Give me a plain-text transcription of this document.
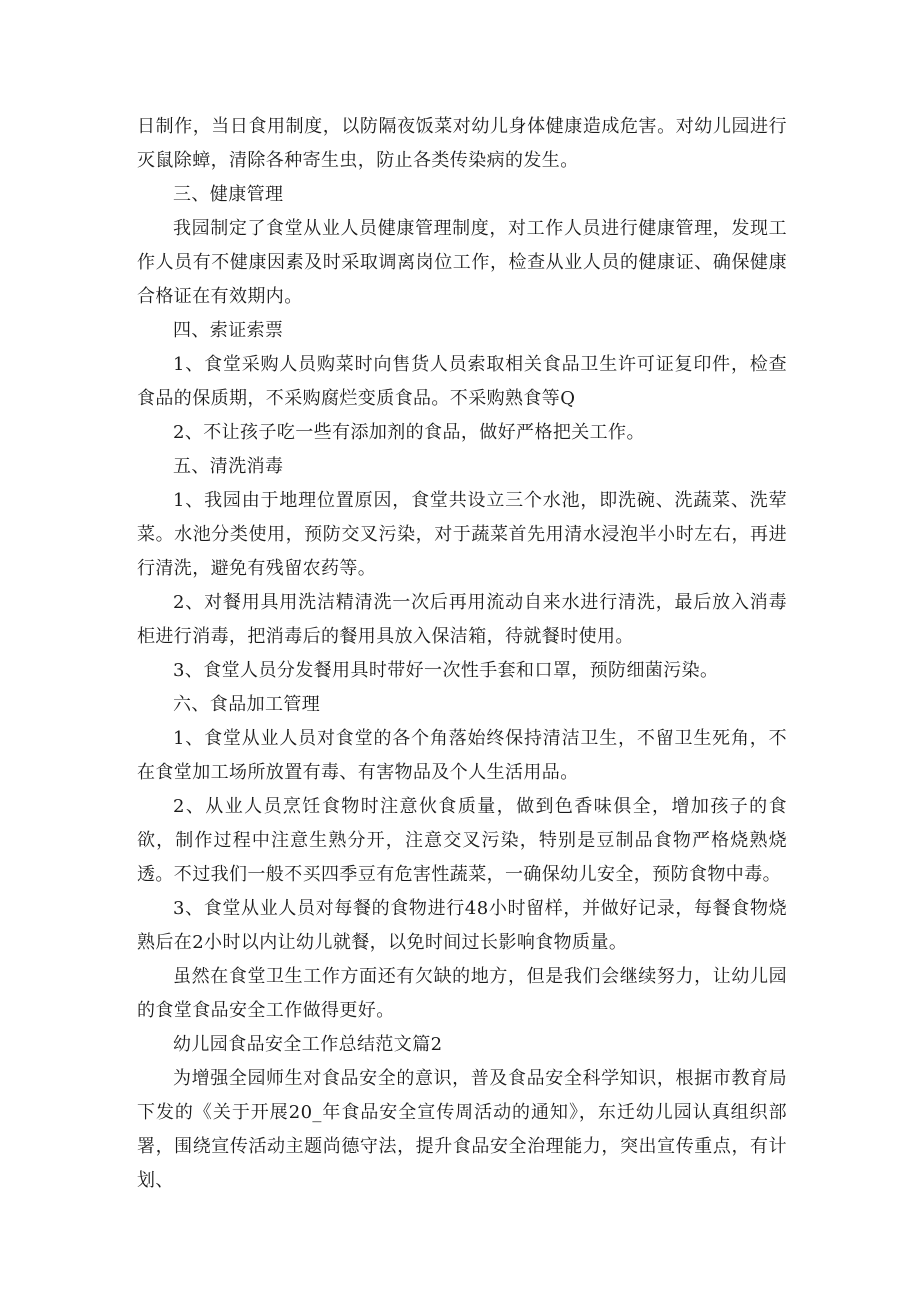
日制作，当日食用制度，以防隔夜饭菜对幼儿身体健康造成危害。对幼儿园进行灭鼠除蟑，清除各种寄生虫，防止各类传染病的发生。

三、健康管理

我园制定了食堂从业人员健康管理制度，对工作人员进行健康管理，发现工作人员有不健康因素及时采取调离岗位工作，检查从业人员的健康证、确保健康合格证在有效期内。

四、索证索票

1、食堂采购人员购菜时向售货人员索取相关食品卫生许可证复印件，检查食品的保质期，不采购腐烂变质食品。不采购熟食等Q

2、不让孩子吃一些有添加剂的食品，做好严格把关工作。

五、清洗消毒

1、我园由于地理位置原因，食堂共设立三个水池，即洗碗、洗蔬菜、洗荤菜。水池分类使用，预防交叉污染，对于蔬菜首先用清水浸泡半小时左右，再进行清洗，避免有残留农药等。

2、对餐用具用洗洁精清洗一次后再用流动自来水进行清洗，最后放入消毒柜进行消毒，把消毒后的餐用具放入保洁箱，待就餐时使用。

3、食堂人员分发餐用具时带好一次性手套和口罩，预防细菌污染。

六、食品加工管理

1、食堂从业人员对食堂的各个角落始终保持清洁卫生，不留卫生死角，不在食堂加工场所放置有毒、有害物品及个人生活用品。

2、从业人员烹饪食物时注意伙食质量，做到色香味俱全，增加孩子的食欲，制作过程中注意生熟分开，注意交叉污染，特别是豆制品食物严格烧熟烧透。不过我们一般不买四季豆有危害性蔬菜，一确保幼儿安全，预防食物中毒。

3、食堂从业人员对每餐的食物进行48小时留样，并做好记录，每餐食物烧熟后在2小时以内让幼儿就餐，以免时间过长影响食物质量。

虽然在食堂卫生工作方面还有欠缺的地方，但是我们会继续努力，让幼儿园的食堂食品安全工作做得更好。

幼儿园食品安全工作总结范文篇2

为增强全园师生对食品安全的意识，普及食品安全科学知识，根据市教育局下发的《关于开展20_年食品安全宣传周活动的通知》，东迁幼儿园认真组织部署，围绕宣传活动主题尚德守法，提升食品安全治理能力，突出宣传重点，有计划、
